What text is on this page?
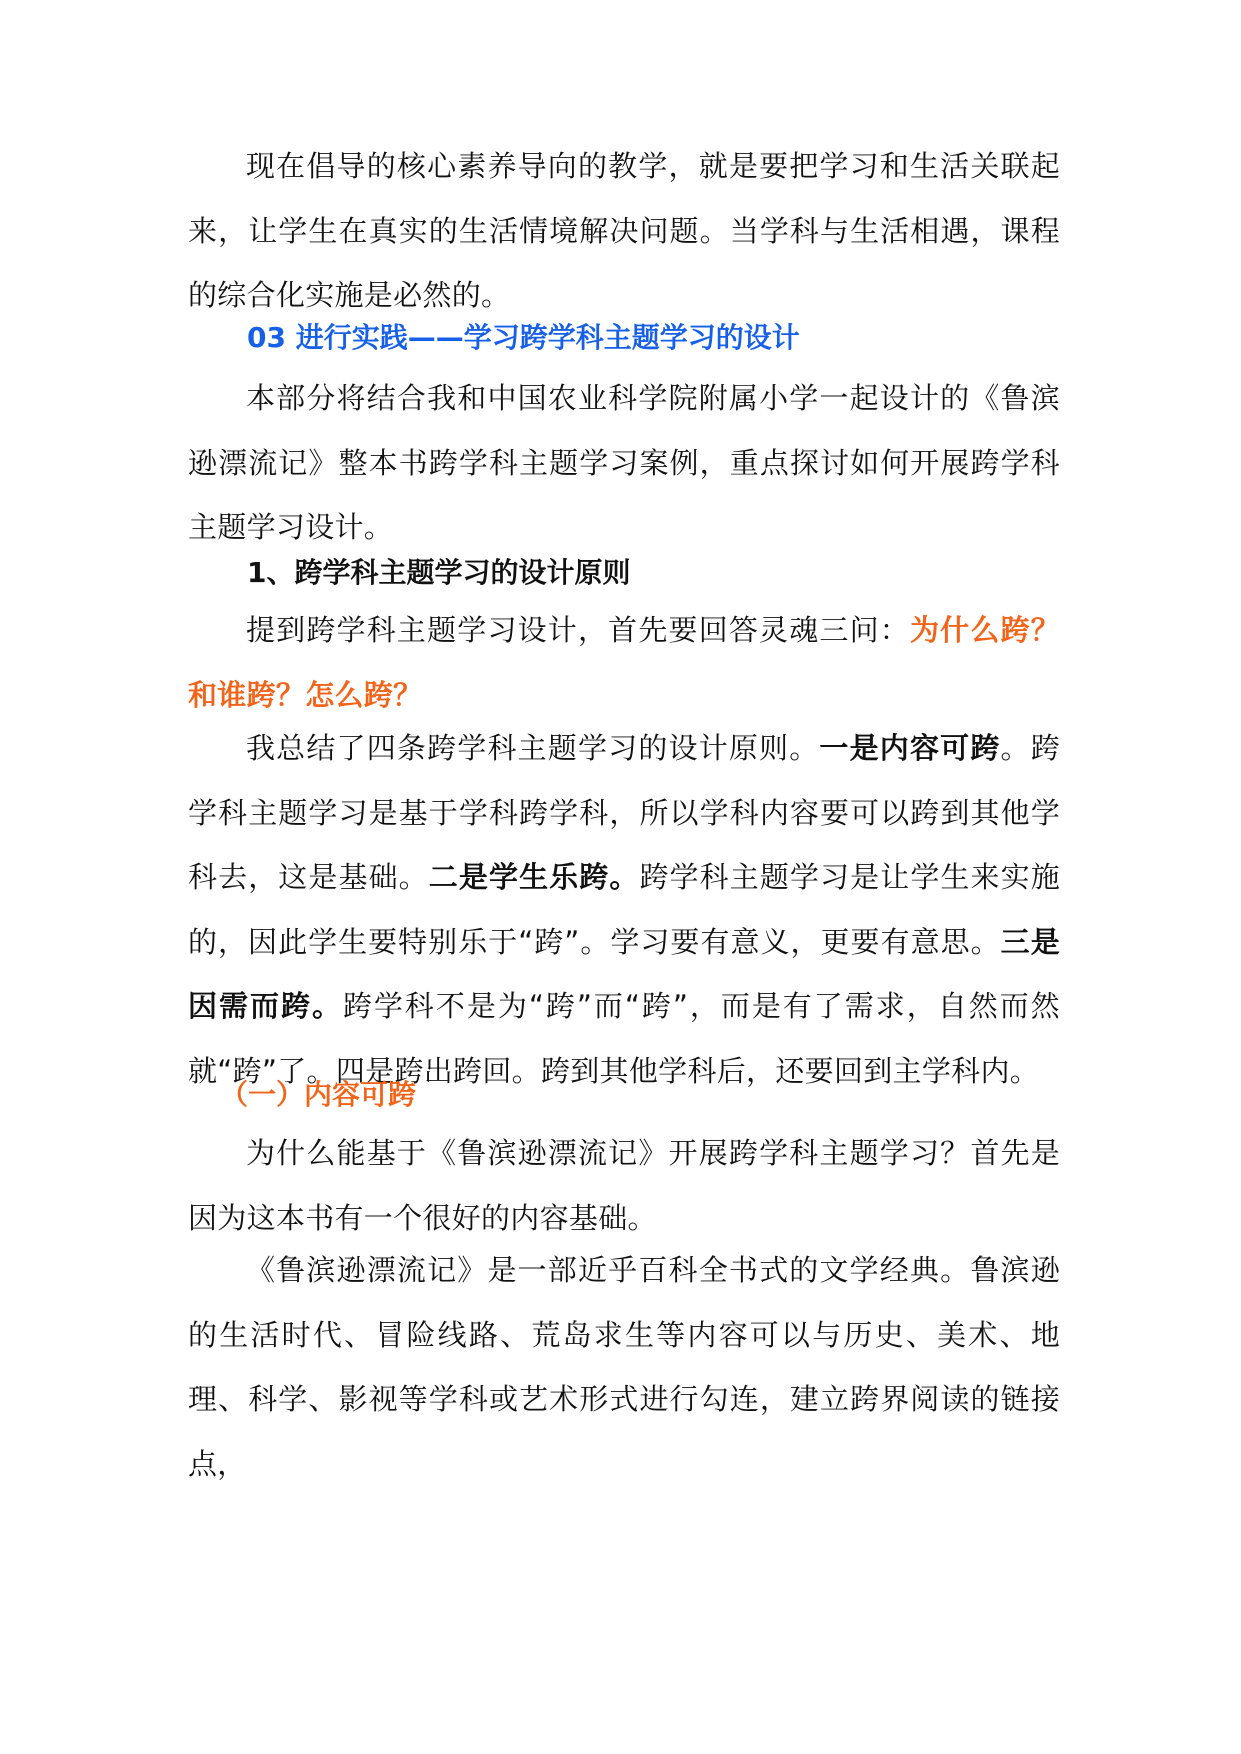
现在倡导的核心素养导向的教学，就是要把学习和生活关联起来，让学生在真实的生活情境解决问题。当学科与生活相遇，课程的综合化实施是必然的。

03 进行实践——学习跨学科主题学习的设计

本部分将结合我和中国农业科学院附属小学一起设计的《鲁滨逊漂流记》整本书跨学科主题学习案例，重点探讨如何开展跨学科主题学习设计。

1、跨学科主题学习的设计原则

提到跨学科主题学习设计，首先要回答灵魂三问：为什么跨？和谁跨？怎么跨？

我总结了四条跨学科主题学习的设计原则。一是内容可跨。跨学科主题学习是基于学科跨学科，所以学科内容要可以跨到其他学科去，这是基础。二是学生乐跨。跨学科主题学习是让学生来实施的，因此学生要特别乐于“跨”。学习要有意义，更要有意思。三是因需而跨。跨学科不是为“跨”而“跨”，而是有了需求，自然而然就“跨”了。四是跨出跨回。跨到其他学科后，还要回到主学科内。

（一）内容可跨

为什么能基于《鲁滨逊漂流记》开展跨学科主题学习？首先是因为这本书有一个很好的内容基础。

《鲁滨逊漂流记》是一部近乎百科全书式的文学经典。鲁滨逊的生活时代、冒险线路、荒岛求生等内容可以与历史、美术、地理、科学、影视等学科或艺术形式进行勾连，建立跨界阅读的链接点，
